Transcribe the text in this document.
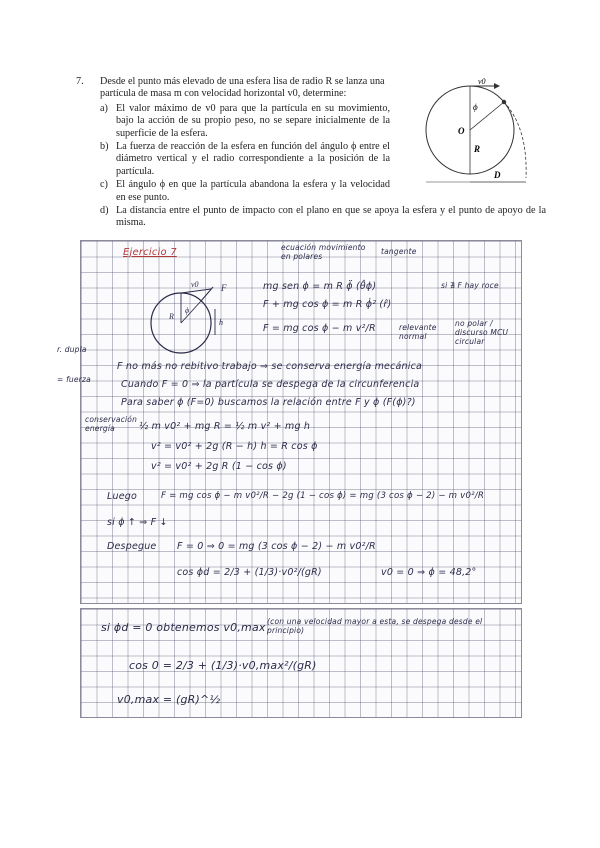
7. Desde el punto más elevado de una esfera lisa de radio R se lanza una partícula de masa m con velocidad horizontal v0, determine:
a) El valor máximo de v0 para que la partícula en su movimiento, bajo la acción de su propio peso, no se separe inicialmente de la superficie de la esfera.
b) La fuerza de reacción de la esfera en función del ángulo ϕ entre el diámetro vertical y el radio correspondiente a la posición de la partícula.
c) El ángulo ϕ en que la partícula abandona la esfera y la velocidad en ese punto.
d) La distancia entre el punto de impacto con el plano en que se apoya la esfera y el punto de apoyo de la misma.
v0
ϕ
O
R
D
Ejercicio 7	ecuación movimiento en polares
tangente
R
ϕ
F
v0
h
mg sen ϕ = m R ϕ̈ (θ̂ϕ)
F + mg cos ϕ = m R ϕ̇² (r̂)
F = mg cos ϕ − m v²/R
si ∄ F hay roce
relevante normal
no polar / discurso MCU circular
r. dupla
= fuerza
F no más no rebitivo trabajo ⇒ se conserva energía mecánica
Cuando F = 0 ⇒ la partícula se despega de la circunferencia
Para saber ϕ (F=0) buscamos la relación entre F y ϕ (F(ϕ)?)
conservación energía	½ m v0² + mg R = ½ m v² + mg h
v² = v0² + 2g (R − h) h = R cos ϕ
v² = v0² + 2g R (1 − cos ϕ)
Luego	F = mg cos ϕ − m v0²/R − 2g (1 − cos ϕ) = mg (3 cos ϕ − 2) − m v0²/R
si ϕ ↑ ⇒ F ↓
Despegue F = 0 ⇒ 0 = mg (3 cos ϕ − 2) − m v0²/R
cos ϕd = 2/3 + (1/3)·v0²/(gR)	v0 = 0 ⇒ ϕ = 48,2°
si ϕd = 0 obtenemos v0,max (con una velocidad mayor a esta, se despega desde el principio)
cos 0 = 2/3 + (1/3)·v0,max²/(gR)
v0,max = (gR)^½
